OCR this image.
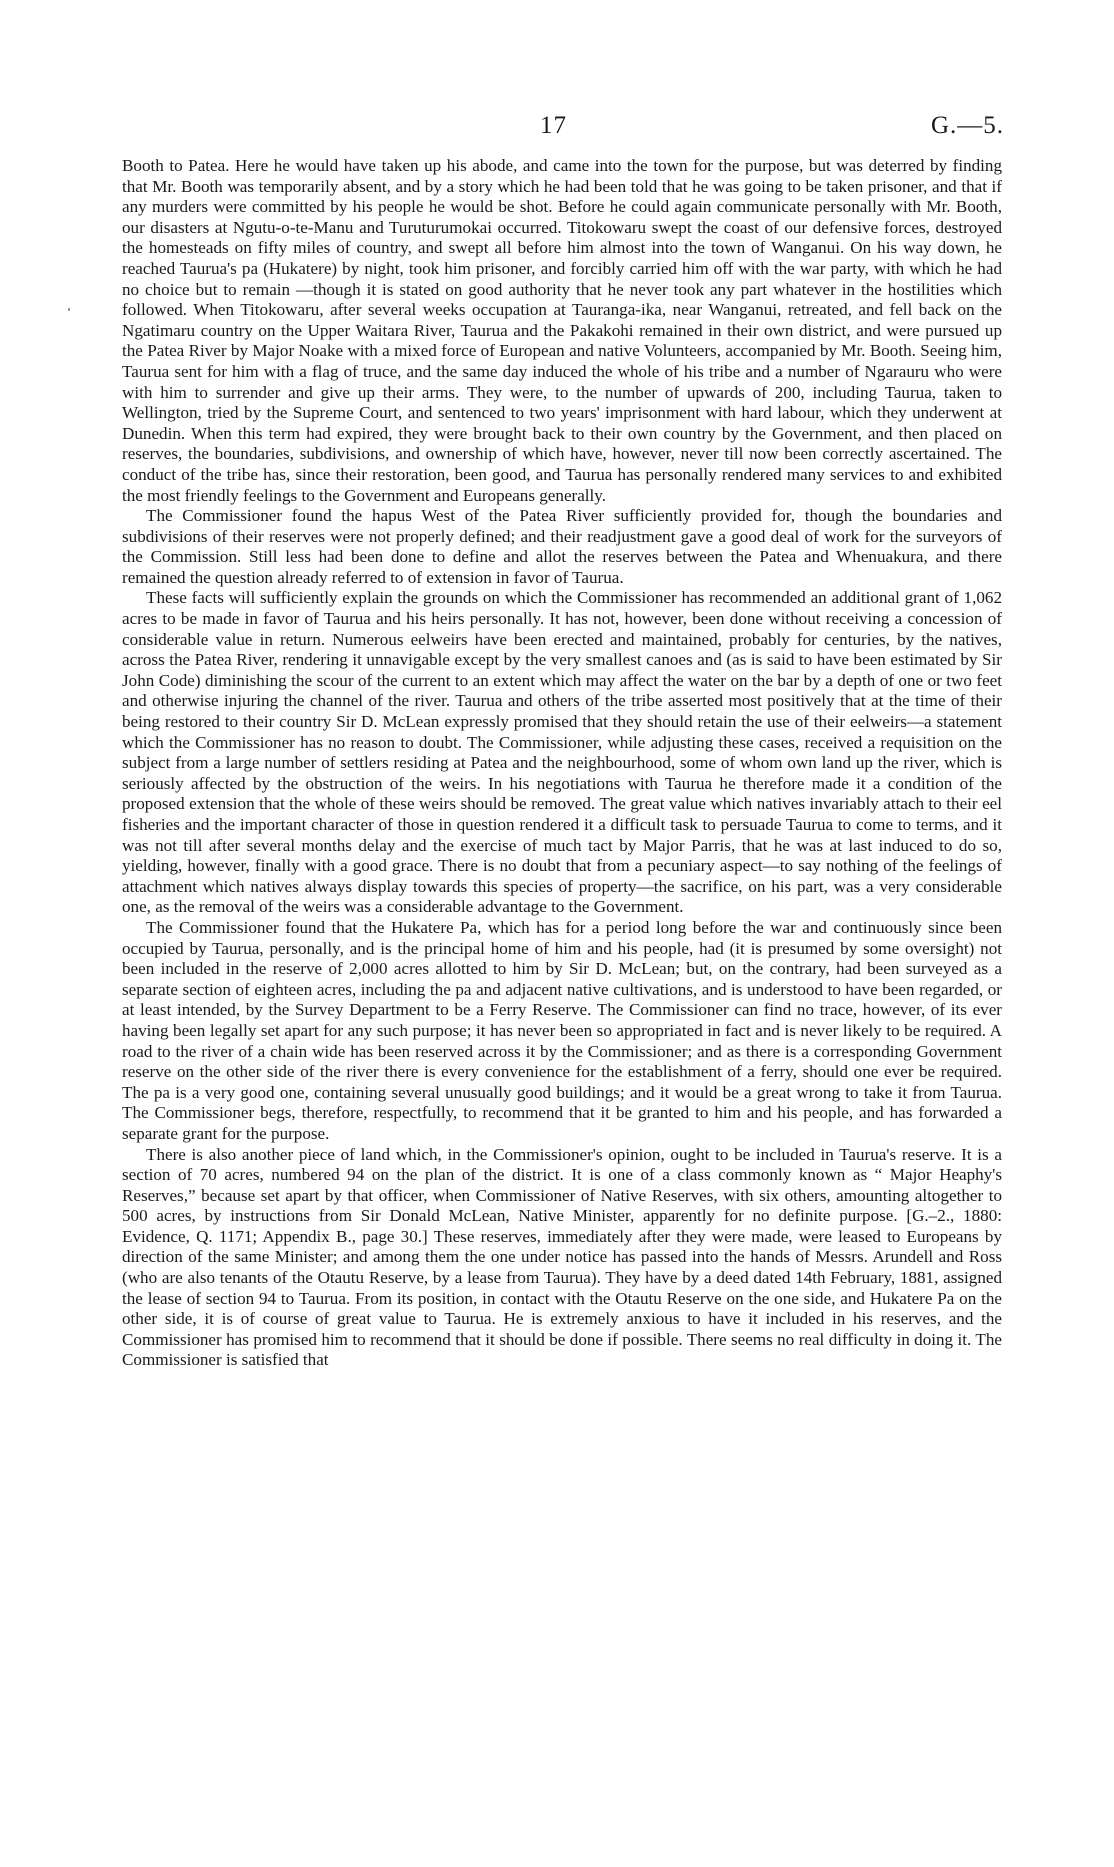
17	G.—5.

Booth to Patea. Here he would have taken up his abode, and came into the town for the purpose, but was deterred by finding that Mr. Booth was temporarily absent, and by a story which he had been told that he was going to be taken prisoner, and that if any murders were committed by his people he would be shot. Before he could again communicate personally with Mr. Booth, our disasters at Ngutu-o-te-Manu and Turuturumokai occurred. Titokowaru swept the coast of our defensive forces, destroyed the homesteads on fifty miles of country, and swept all before him almost into the town of Wanganui. On his way down, he reached Taurua's pa (Hukatere) by night, took him prisoner, and forcibly carried him off with the war party, with which he had no choice but to remain —though it is stated on good authority that he never took any part whatever in the hostilities which followed. When Titokowaru, after several weeks occupation at Tauranga-ika, near Wanganui, retreated, and fell back on the Ngatimaru country on the Upper Waitara River, Taurua and the Pakakohi remained in their own district, and were pursued up the Patea River by Major Noake with a mixed force of European and native Volunteers, accompanied by Mr. Booth. Seeing him, Taurua sent for him with a flag of truce, and the same day induced the whole of his tribe and a number of Ngarauru who were with him to surrender and give up their arms. They were, to the number of upwards of 200, including Taurua, taken to Wellington, tried by the Supreme Court, and sentenced to two years' imprisonment with hard labour, which they underwent at Dunedin. When this term had expired, they were brought back to their own country by the Government, and then placed on reserves, the boundaries, subdivisions, and ownership of which have, however, never till now been correctly ascertained. The conduct of the tribe has, since their restoration, been good, and Taurua has personally rendered many services to and exhibited the most friendly feelings to the Government and Europeans generally.

The Commissioner found the hapus West of the Patea River sufficiently provided for, though the boundaries and subdivisions of their reserves were not properly defined; and their readjustment gave a good deal of work for the surveyors of the Commission. Still less had been done to define and allot the reserves between the Patea and Whenuakura, and there remained the question already referred to of extension in favor of Taurua.

These facts will sufficiently explain the grounds on which the Commissioner has recommended an additional grant of 1,062 acres to be made in favor of Taurua and his heirs personally. It has not, however, been done without receiving a concession of considerable value in return. Numerous eelweirs have been erected and maintained, probably for centuries, by the natives, across the Patea River, rendering it unnavigable except by the very smallest canoes and (as is said to have been estimated by Sir John Code) diminishing the scour of the current to an extent which may affect the water on the bar by a depth of one or two feet and otherwise injuring the channel of the river. Taurua and others of the tribe asserted most positively that at the time of their being restored to their country Sir D. McLean expressly promised that they should retain the use of their eelweirs—a statement which the Commissioner has no reason to doubt. The Commissioner, while adjusting these cases, received a requisition on the subject from a large number of settlers residing at Patea and the neighbourhood, some of whom own land up the river, which is seriously affected by the obstruction of the weirs. In his negotiations with Taurua he therefore made it a condition of the proposed extension that the whole of these weirs should be removed. The great value which natives invariably attach to their eel fisheries and the important character of those in question rendered it a difficult task to persuade Taurua to come to terms, and it was not till after several months delay and the exercise of much tact by Major Parris, that he was at last induced to do so, yielding, however, finally with a good grace. There is no doubt that from a pecuniary aspect—to say nothing of the feelings of attachment which natives always display towards this species of property—the sacrifice, on his part, was a very considerable one, as the removal of the weirs was a considerable advantage to the Government.

The Commissioner found that the Hukatere Pa, which has for a period long before the war and continuously since been occupied by Taurua, personally, and is the principal home of him and his people, had (it is presumed by some oversight) not been included in the reserve of 2,000 acres allotted to him by Sir D. McLean; but, on the contrary, had been surveyed as a separate section of eighteen acres, including the pa and adjacent native cultivations, and is understood to have been regarded, or at least intended, by the Survey Department to be a Ferry Reserve. The Commissioner can find no trace, however, of its ever having been legally set apart for any such purpose; it has never been so appropriated in fact and is never likely to be required. A road to the river of a chain wide has been reserved across it by the Commissioner; and as there is a corresponding Government reserve on the other side of the river there is every convenience for the establishment of a ferry, should one ever be required. The pa is a very good one, containing several unusually good buildings; and it would be a great wrong to take it from Taurua. The Commissioner begs, therefore, respectfully, to recommend that it be granted to him and his people, and has forwarded a separate grant for the purpose.

There is also another piece of land which, in the Commissioner's opinion, ought to be included in Taurua's reserve. It is a section of 70 acres, numbered 94 on the plan of the district. It is one of a class commonly known as “ Major Heaphy's Reserves,” because set apart by that officer, when Commissioner of Native Reserves, with six others, amounting altogether to 500 acres, by instructions from Sir Donald McLean, Native Minister, apparently for no definite purpose. [G.–2., 1880: Evidence, Q. 1171; Appendix B., page 30.] These reserves, immediately after they were made, were leased to Europeans by direction of the same Minister; and among them the one under notice has passed into the hands of Messrs. Arundell and Ross (who are also tenants of the Otautu Reserve, by a lease from Taurua). They have by a deed dated 14th February, 1881, assigned the lease of section 94 to Taurua. From its position, in contact with the Otautu Reserve on the one side, and Hukatere Pa on the other side, it is of course of great value to Taurua. He is extremely anxious to have it included in his reserves, and the Commissioner has promised him to recommend that it should be done if possible. There seems no real difficulty in doing it. The Commissioner is satisfied that
